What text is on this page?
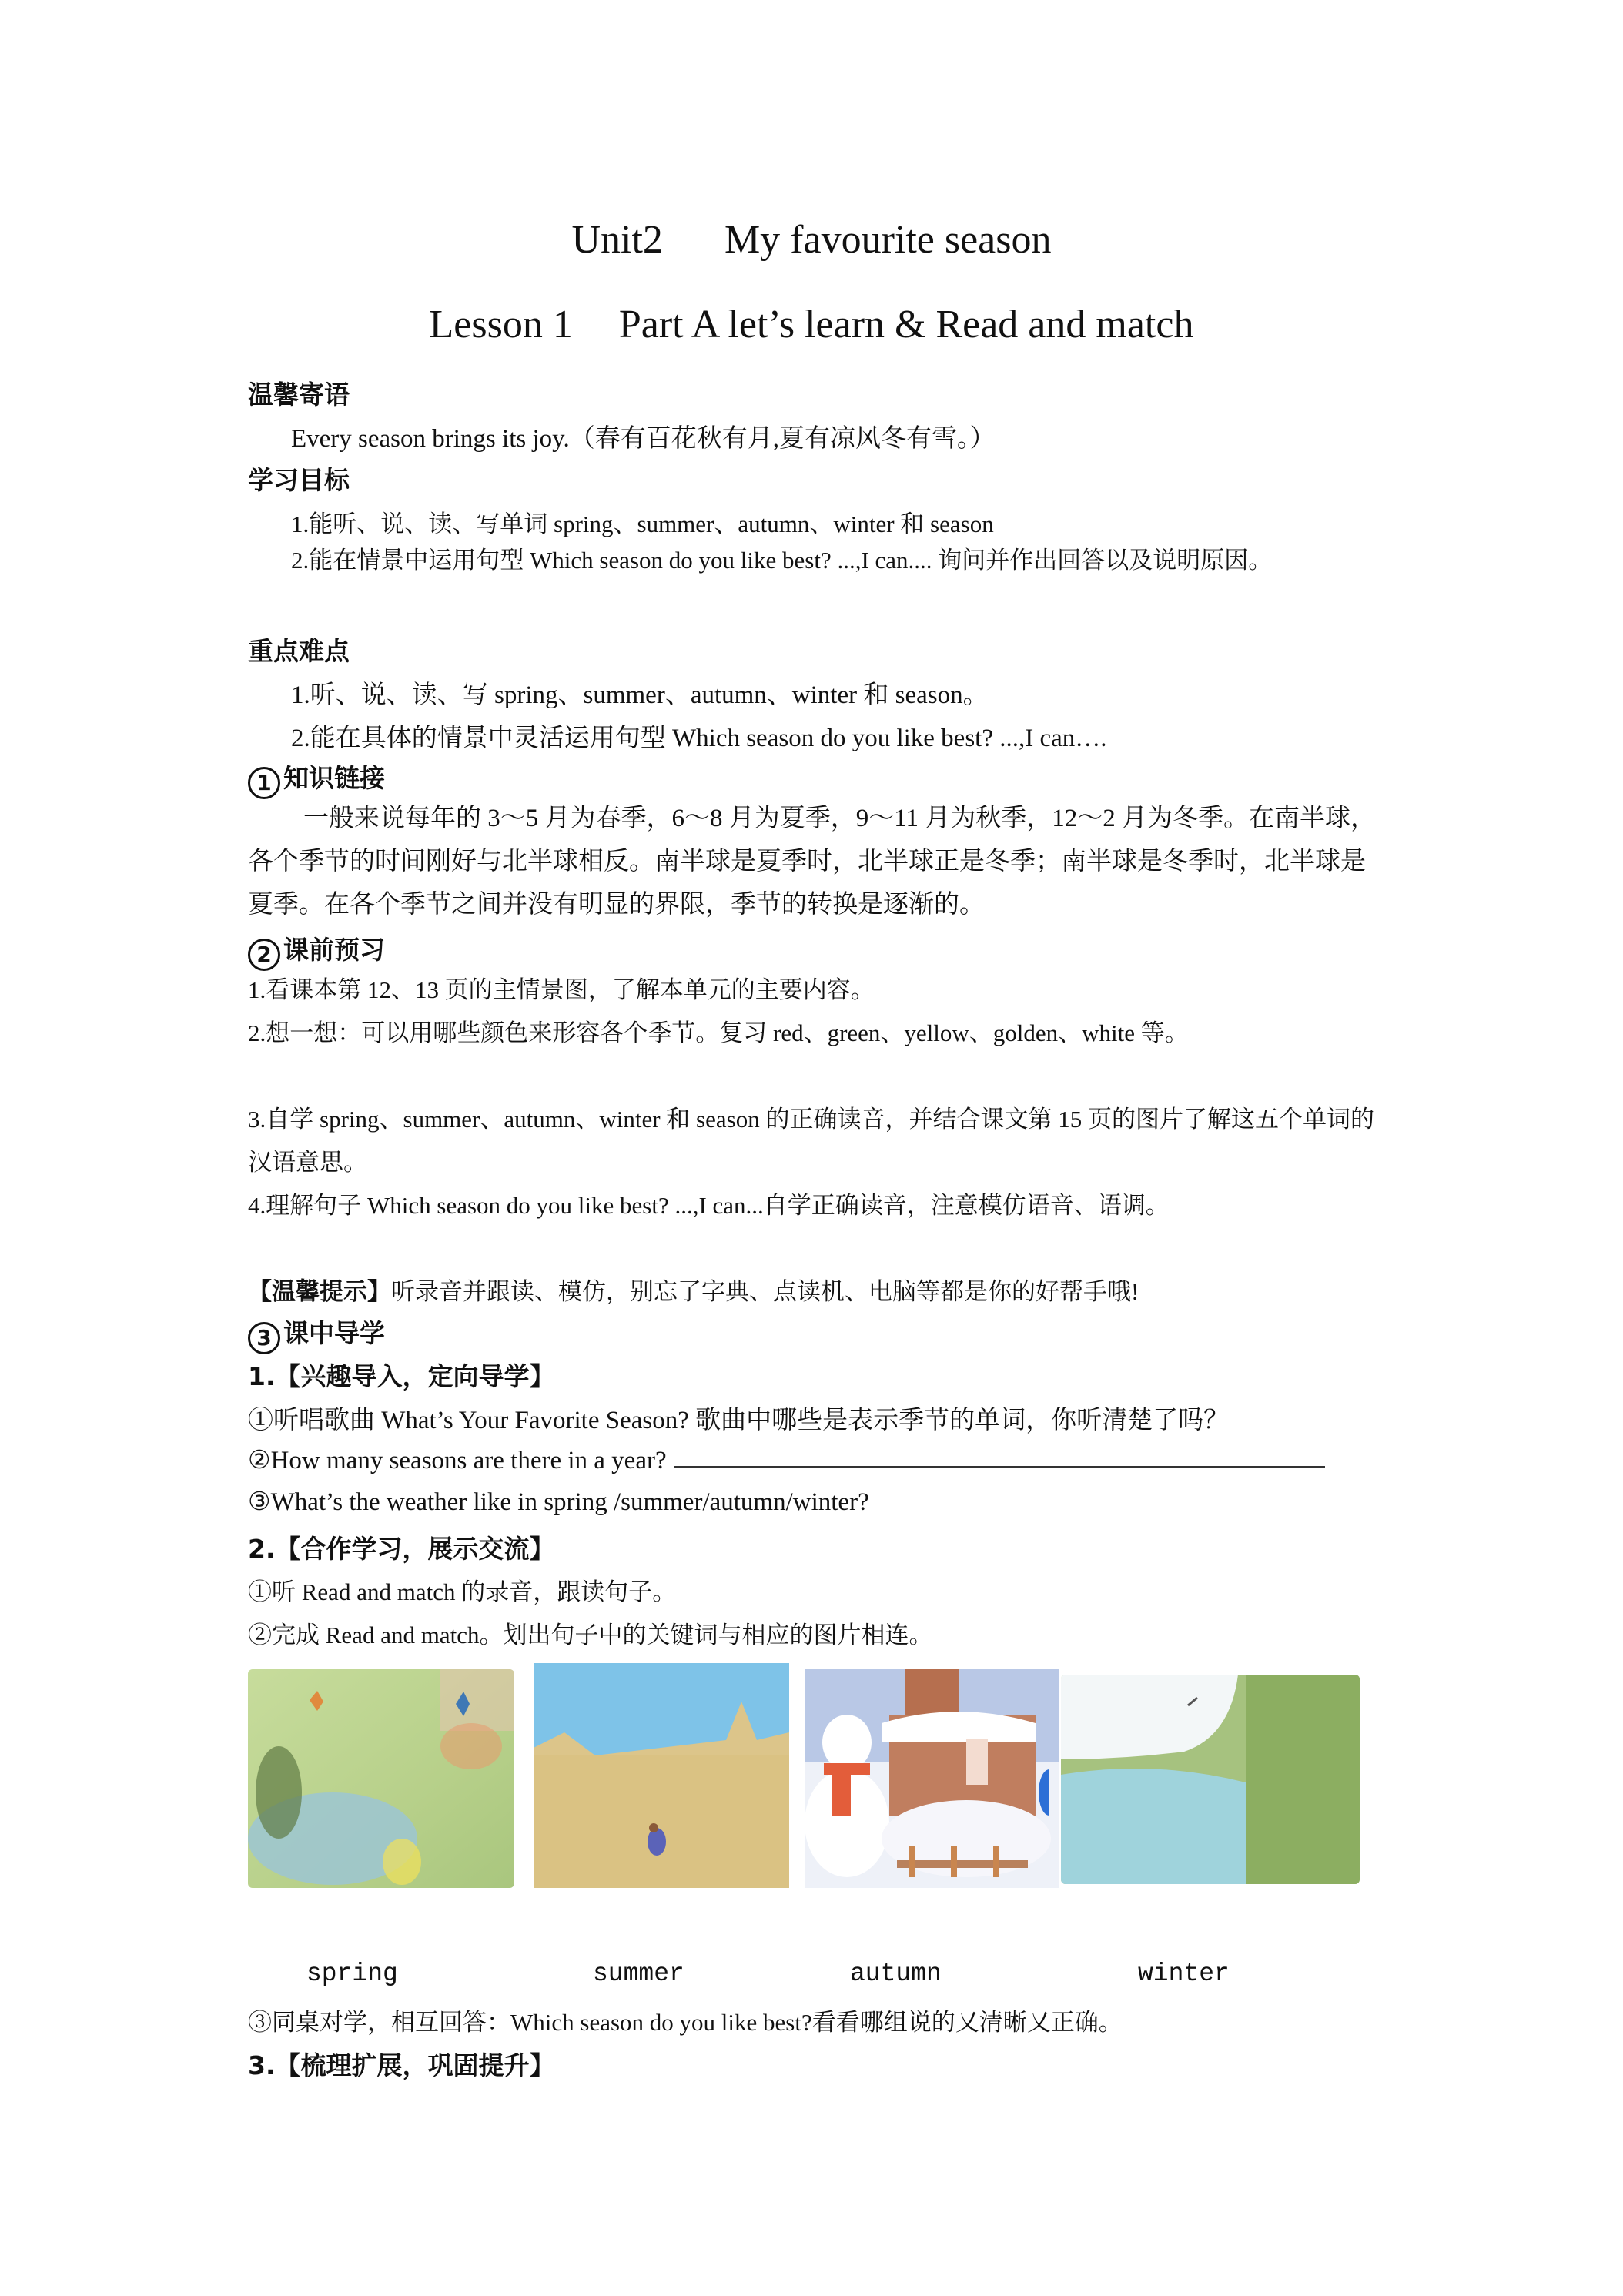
Unit2 My favourite season
Lesson 1 Part A let’s learn & Read and match
温馨寄语
Every season brings its joy.（春有百花秋有月,夏有凉风冬有雪。）
学习目标
1.能听、说、读、写单词 spring、summer、autumn、winter 和 season
2.能在情景中运用句型 Which season do you like best? ...,I can.... 询问并作出回答以及说明原因。
重点难点
1.听、说、读、写 spring、summer、autumn、winter 和 season。
2.能在具体的情景中灵活运用句型 Which season do you like best? ...,I can….
1 知识链接
一般来说每年的 3～5 月为春季，6～8 月为夏季，9～11 月为秋季，12～2 月为冬季。在南半球，各个季节的时间刚好与北半球相反。南半球是夏季时，北半球正是冬季；南半球是冬季时，北半球是夏季。在各个季节之间并没有明显的界限，季节的转换是逐渐的。
2 课前预习
1.看课本第 12、13 页的主情景图，了解本单元的主要内容。
2.想一想：可以用哪些颜色来形容各个季节。复习 red、green、yellow、golden、white 等。
3.自学 spring、summer、autumn、winter 和 season 的正确读音，并结合课文第 15 页的图片了解这五个单词的汉语意思。
4.理解句子 Which season do you like best? ...,I can...自学正确读音，注意模仿语音、语调。
【温馨提示】听录音并跟读、模仿，别忘了字典、点读机、电脑等都是你的好帮手哦!
3 课中导学
1.【兴趣导入，定向导学】
①听唱歌曲 What’s Your Favorite Season? 歌曲中哪些是表示季节的单词，你听清楚了吗？
②How many seasons are there in a year?
③What’s the weather like in spring /summer/autumn/winter?
2.【合作学习，展示交流】
①听 Read and match 的录音，跟读句子。
②完成 Read and match。划出句子中的关键词与相应的图片相连。
spring	summer	autumn	winter
③同桌对学，相互回答：Which season do you like best?看看哪组说的又清晰又正确。
3.【梳理扩展，巩固提升】
